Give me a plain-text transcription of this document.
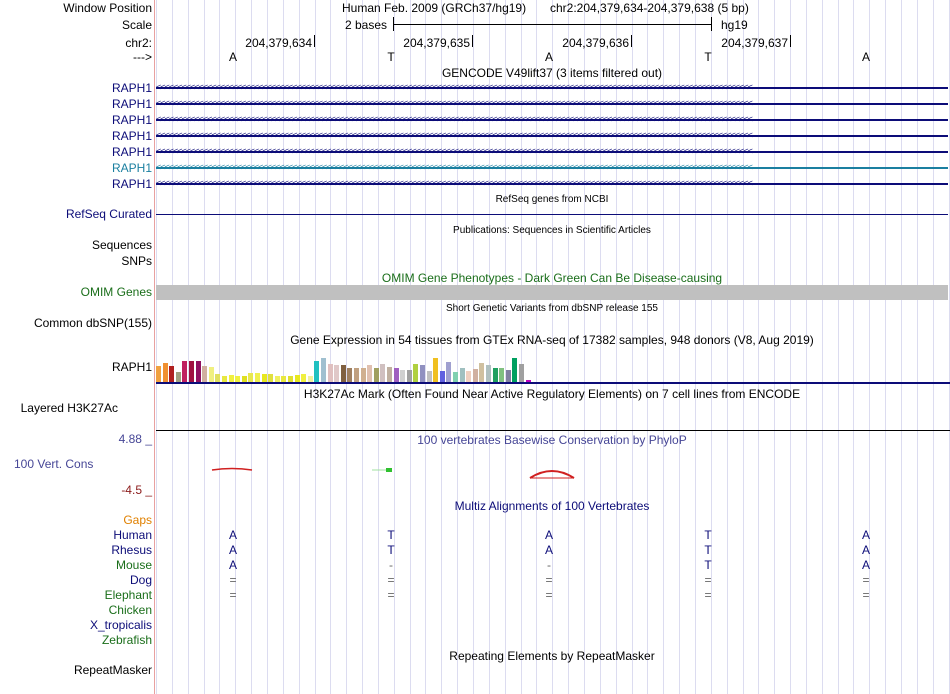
Window Position	Human Feb. 2009 (GRCh37/hg19) chr2:204,379,634-204,379,638 (5 bp)
Scale	2 bases	hg19
chr2:	204,379,634	204,379,635	204,379,636	204,379,637
--->	A	T	A	T	A
GENCODE V49lift37 (3 items filtered out)
RAPH1 <<<<<<<<<<<<<<<<<<<<<<<<<<<<<<<<<<<<<<<<<<<<<<<<<<<<<<<<<<<<<<<<<<<<<<<<<<<<<<<<<<<<<<<<<<<<<<<<<<<<<<<<<<<<<<<<<<<<<<<<<<<<<<<<<<<<<<<<<<<<
RAPH1 <<<<<<<<<<<<<<<<<<<<<<<<<<<<<<<<<<<<<<<<<<<<<<<<<<<<<<<<<<<<<<<<<<<<<<<<<<<<<<<<<<<<<<<<<<<<<<<<<<<<<<<<<<<<<<<<<<<<<<<<<<<<<<<<<<<<<<<<<<<<
RAPH1 <<<<<<<<<<<<<<<<<<<<<<<<<<<<<<<<<<<<<<<<<<<<<<<<<<<<<<<<<<<<<<<<<<<<<<<<<<<<<<<<<<<<<<<<<<<<<<<<<<<<<<<<<<<<<<<<<<<<<<<<<<<<<<<<<<<<<<<<<<<<
RAPH1 <<<<<<<<<<<<<<<<<<<<<<<<<<<<<<<<<<<<<<<<<<<<<<<<<<<<<<<<<<<<<<<<<<<<<<<<<<<<<<<<<<<<<<<<<<<<<<<<<<<<<<<<<<<<<<<<<<<<<<<<<<<<<<<<<<<<<<<<<<<<
RAPH1 <<<<<<<<<<<<<<<<<<<<<<<<<<<<<<<<<<<<<<<<<<<<<<<<<<<<<<<<<<<<<<<<<<<<<<<<<<<<<<<<<<<<<<<<<<<<<<<<<<<<<<<<<<<<<<<<<<<<<<<<<<<<<<<<<<<<<<<<<<<<
RAPH1 <<<<<<<<<<<<<<<<<<<<<<<<<<<<<<<<<<<<<<<<<<<<<<<<<<<<<<<<<<<<<<<<<<<<<<<<<<<<<<<<<<<<<<<<<<<<<<<<<<<<<<<<<<<<<<<<<<<<<<<<<<<<<<<<<<<<<<<<<<<<
RAPH1 <<<<<<<<<<<<<<<<<<<<<<<<<<<<<<<<<<<<<<<<<<<<<<<<<<<<<<<<<<<<<<<<<<<<<<<<<<<<<<<<<<<<<<<<<<<<<<<<<<<<<<<<<<<<<<<<<<<<<<<<<<<<<<<<<<<<<<<<<<<<
RefSeq genes from NCBI
RefSeq Curated
Publications: Sequences in Scientific Articles
Sequences
SNPs
OMIM Gene Phenotypes - Dark Green Can Be Disease-causing
OMIM Genes
Short Genetic Variants from dbSNP release 155
Common dbSNP(155)
Gene Expression in 54 tissues from GTEx RNA-seq of 17382 samples, 948 donors (V8, Aug 2019)
RAPH1
H3K27Ac Mark (Often Found Near Active Regulatory Elements) on 7 cell lines from ENCODE
Layered H3K27Ac
4.88 _	100 vertebrates Basewise Conservation by PhyloP
100 Vert. Cons
-4.5 _
Multiz Alignments of 100 Vertebrates
Gaps
Human	A	T	A	T	A
Rhesus	A	T	A	T	A
Mouse	A	-	-	T	A
Dog	=	=	=	=	=
Elephant	=	=	=	=	=
Chicken
X_tropicalis
Zebrafish
Repeating Elements by RepeatMasker
RepeatMasker
